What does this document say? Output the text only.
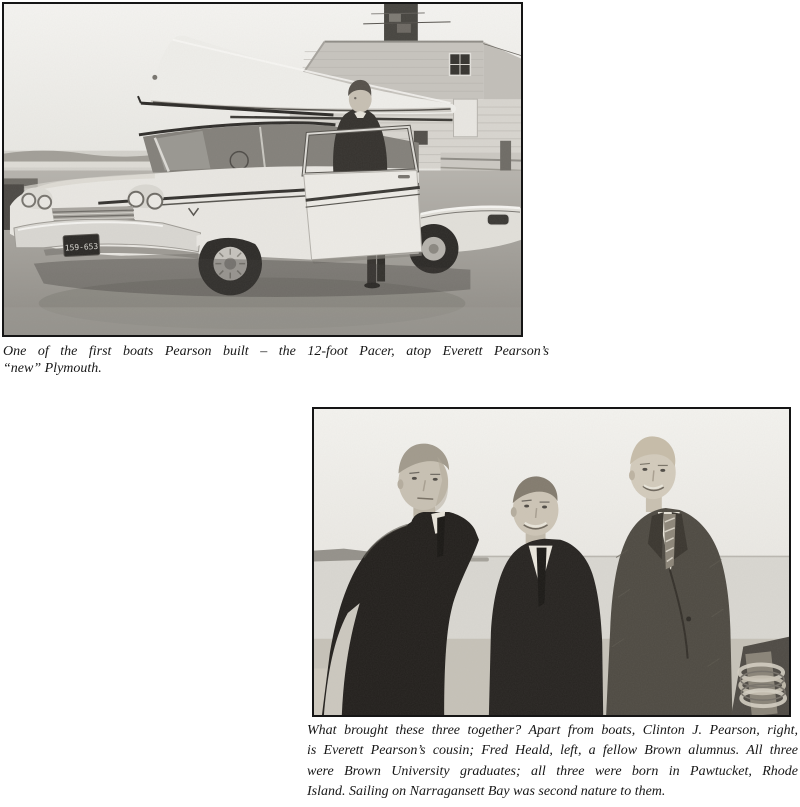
159-653
One of the first boats Pearson built – the 12-foot Pacer, atop Everett Pearson’s
“new” Plymouth.
What brought these three together? Apart from boats, Clinton J. Pearson, right,
is Everett Pearson’s cousin; Fred Heald, left, a fellow Brown alumnus. All three
were Brown University graduates; all three were born in Pawtucket, Rhode
Island. Sailing on Narragansett Bay was second nature to them.
